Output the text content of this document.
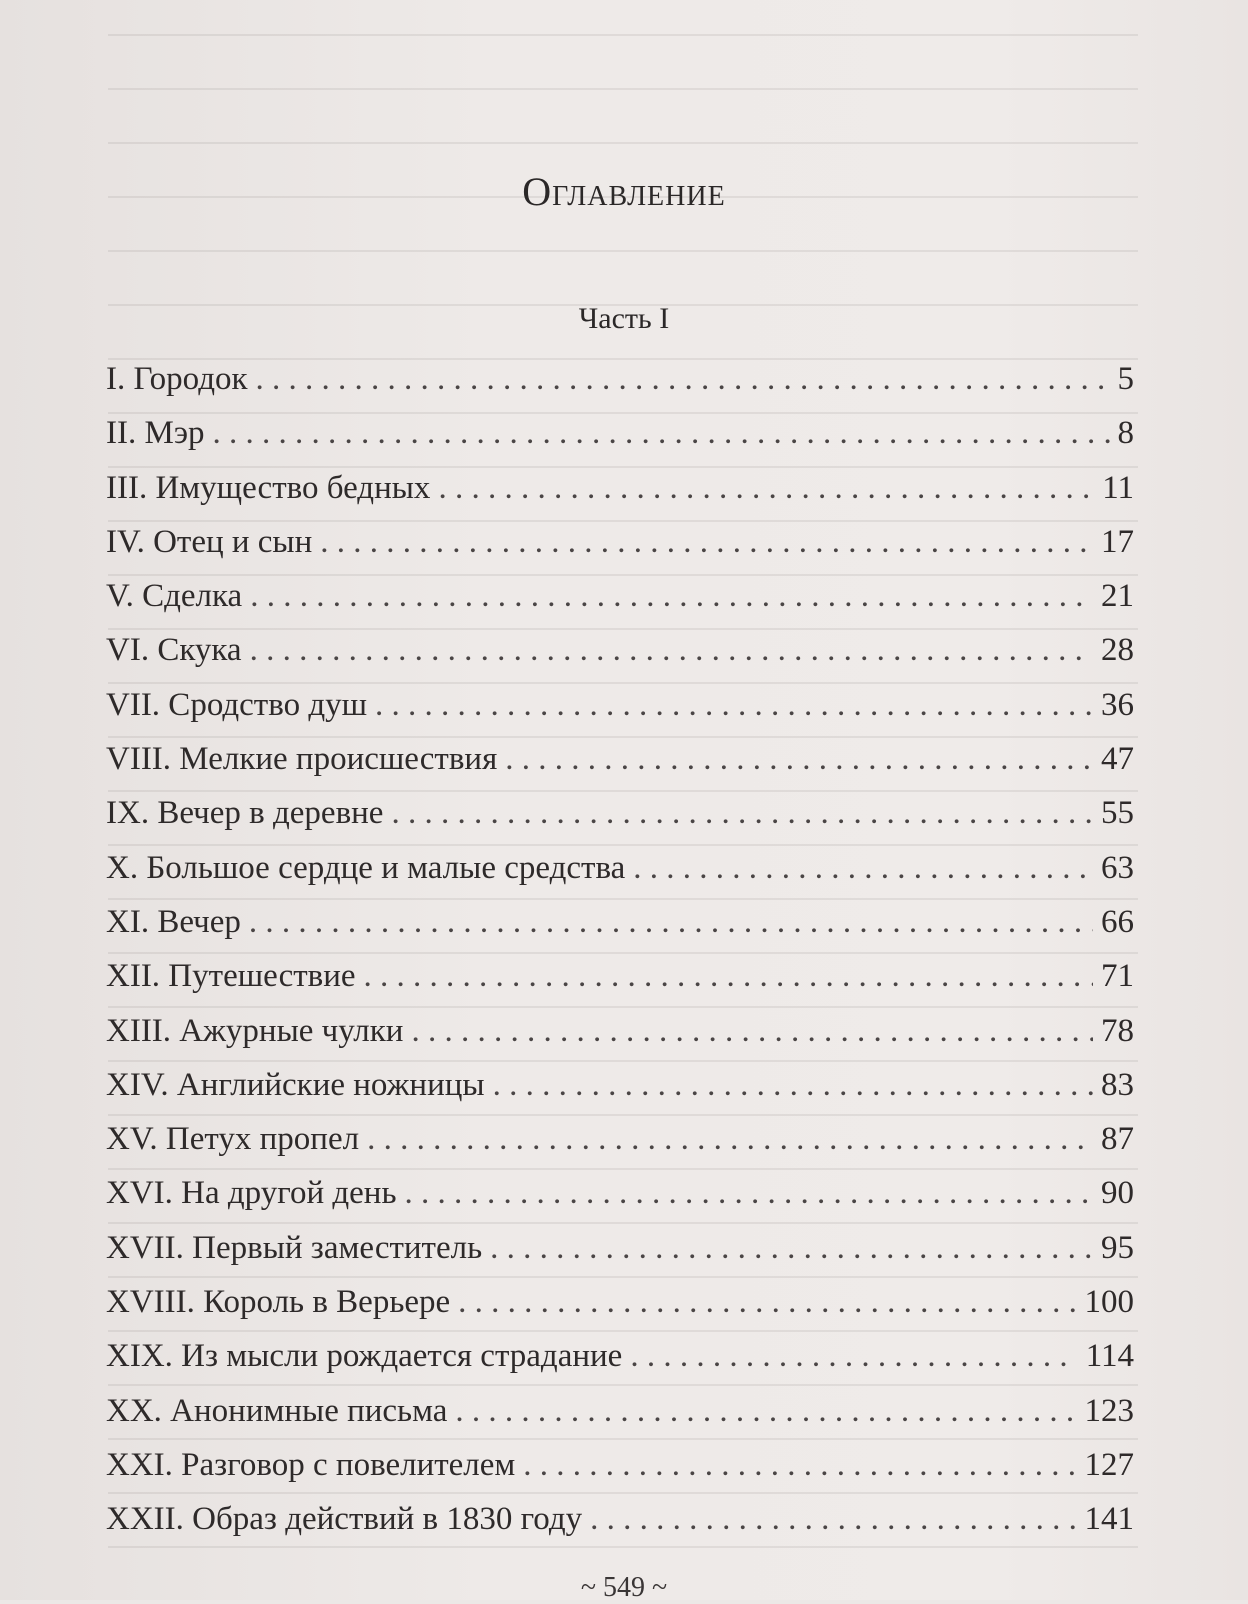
Оглавление
Часть I
I. Городок . . .	5
II. Мэр . . .	8
III. Имущество бедных . . .	11
IV. Отец и сын . . .	17
V. Сделка . . .	21
VI. Скука . . .	28
VII. Сродство душ . . .	36
VIII. Мелкие происшествия . . .	47
IX. Вечер в деревне . . .	55
X. Большое сердце и малые средства . . .	63
XI. Вечер . . .	66
XII. Путешествие . . .	71
XIII. Ажурные чулки . . .	78
XIV. Английские ножницы . . .	83
XV. Петух пропел . . .	87
XVI. На другой день . . .	90
XVII. Первый заместитель . . .	95
XVIII. Король в Верьере . . .	100
XIX. Из мысли рождается страдание . . .	114
XX. Анонимные письма . . .	123
XXI. Разговор с повелителем . . .	127
XXII. Образ действий в 1830 году . . .	141
~ 549 ~
